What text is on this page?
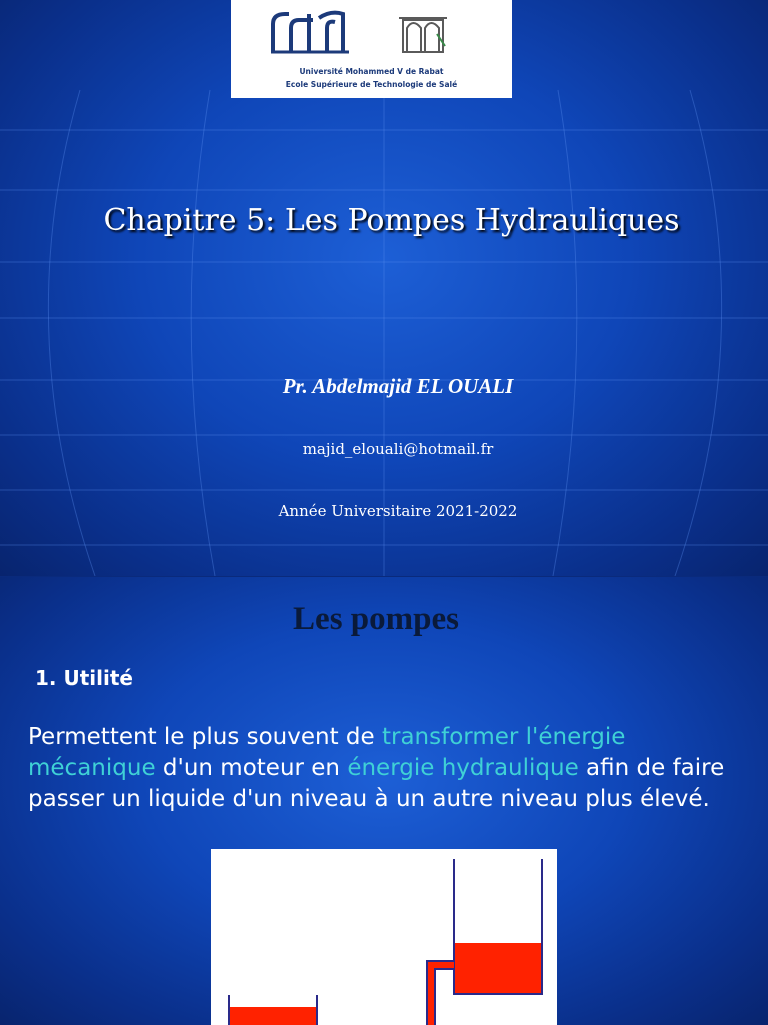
Université Mohammed V de Rabat
Ecole Supérieure de Technologie de Salé
Chapitre 5: Les Pompes Hydrauliques
Pr. Abdelmajid EL OUALI
majid_elouali@hotmail.fr
Année Universitaire 2021-2022
Les pompes
1. Utilité
Permettent le plus souvent de transformer l'énergie mécanique d'un moteur en énergie hydraulique afin de faire passer un liquide d'un niveau à un autre niveau plus élevé.
